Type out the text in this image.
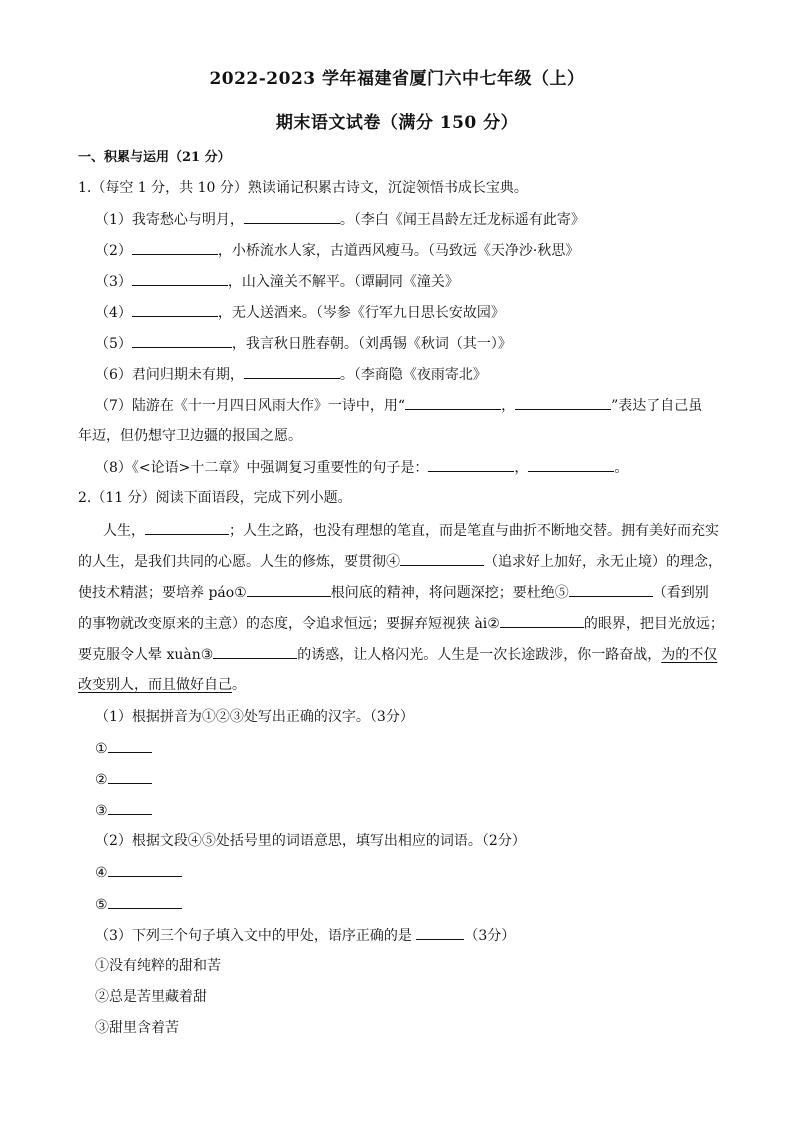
2022-2023 学年福建省厦门六中七年级（上）
期末语文试卷（满分 150 分）
一、积累与运用（21 分）
1.（每空 1 分，共 10 分）熟读诵记积累古诗文，沉淀领悟书成长宝典。
（1）我寄愁心与明月，	。（李白《闻王昌龄左迁龙标遥有此寄》
（2）	，小桥流水人家，古道西风瘦马。（马致远《天净沙·秋思》
（3）	，山入潼关不解平。（谭嗣同《潼关》
（4）	，无人送酒来。（岑参《行军九日思长安故园》
（5）	，我言秋日胜春朝。（刘禹锡《秋词（其一）》
（6）君问归期未有期，	。（李商隐《夜雨寄北》
（7）陆游在《十一月四日风雨大作》一诗中，用“	，	”表达了自己虽
年迈，但仍想守卫边疆的报国之愿。
（8）《<论语>十二章》中强调复习重要性的句子是：	，	。
2.（11 分）阅读下面语段，完成下列小题。
人生，	；人生之路，也没有理想的笔直，而是笔直与曲折不断地交替。拥有美好而充实
的人生，是我们共同的心愿。人生的修炼，要贯彻④	（追求好上加好，永无止境）的理念，
使技术精湛；要培养 páo①	根问底的精神，将问题深挖；要杜绝⑤	（看到别
的事物就改变原来的主意）的态度，令追求恒远；要摒弃短视狭 ài②	的眼界，把目光放远；
要克服令人晕 xuàn③	的诱惑，让人格闪光。人生是一次长途跋涉，你一路奋战，为的不仅
改变别人，而且做好自己。
（1）根据拼音为①②③处写出正确的汉字。（3分）
①
②
③
（2）根据文段④⑤处括号里的词语意思，填写出相应的词语。（2分）
④
⑤
（3）下列三个句子填入文中的甲处，语序正确的是	（3分）
①没有纯粹的甜和苦
②总是苦里藏着甜
③甜里含着苦
